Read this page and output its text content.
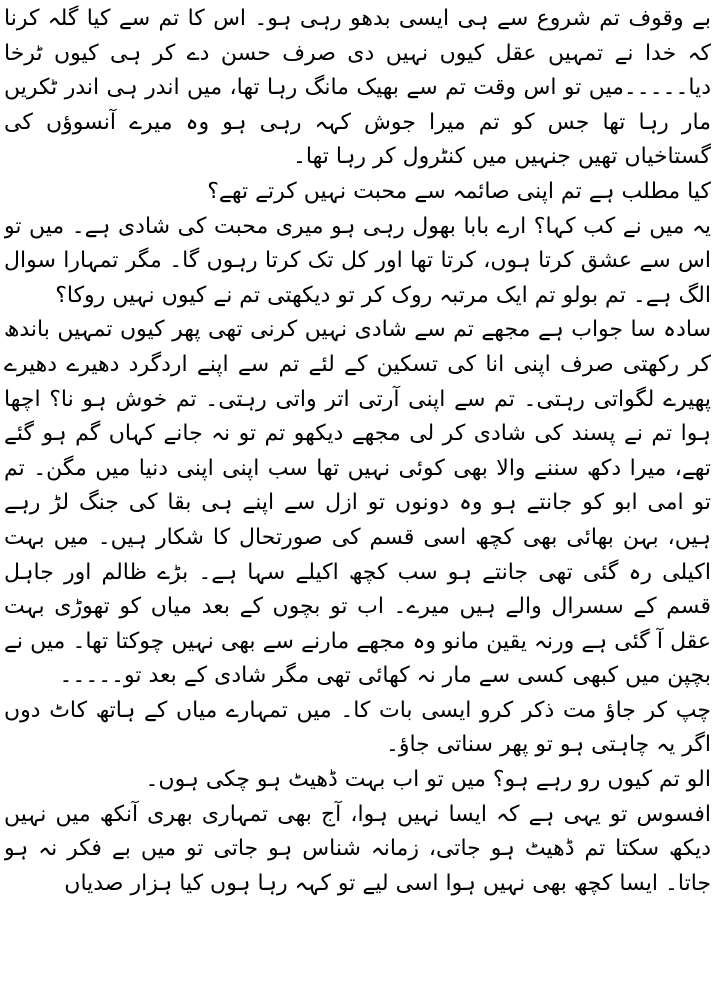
بے وقوف تم شروع سے ہی ایسی بدھو رہی ہو۔ اس کا تم سے کیا گلہ کرنا کہ خدا نے تمہیں عقل کیوں نہیں دی صرف حسن دے کر ہی کیوں ٹرخا دیا۔۔۔۔۔میں تو اس وقت تم سے بھیک مانگ رہا تھا، میں اندر ہی اندر ٹکریں مار رہا تھا جس کو تم میرا جوش کہہ رہی ہو وہ میرے آنسوؤں کی گستاخیاں تھیں جنہیں میں کنٹرول کر رہا تھا۔

کیا مطلب ہے تم اپنی صائمہ سے محبت نہیں کرتے تھے؟

یہ میں نے کب کہا؟ ارے بابا بھول رہی ہو میری محبت کی شادی ہے۔ میں تو اس سے عشق کرتا ہوں، کرتا تھا اور کل تک کرتا رہوں گا۔ مگر تمہارا سوال الگ ہے۔ تم بولو تم ایک مرتبہ روک کر تو دیکھتی تم نے کیوں نہیں روکا؟

سادہ سا جواب ہے مجھے تم سے شادی نہیں کرنی تھی پھر کیوں تمہیں باندھ کر رکھتی صرف اپنی انا کی تسکین کے لئے تم سے اپنے اردگرد دھیرے دھیرے پھیرے لگواتی رہتی۔ تم سے اپنی آرتی اتر واتی رہتی۔ تم خوش ہو نا؟ اچھا ہوا تم نے پسند کی شادی کر لی مجھے دیکھو تم تو نہ جانے کہاں گم ہو گئے تھے، میرا دکھ سننے والا بھی کوئی نہیں تھا سب اپنی اپنی دنیا میں مگن۔ تم تو امی ابو کو جانتے ہو وہ دونوں تو ازل سے اپنے ہی بقا کی جنگ لڑ رہے ہیں، بہن بھائی بھی کچھ اسی قسم کی صورتحال کا شکار ہیں۔ میں بہت اکیلی رہ گئی تھی جانتے ہو سب کچھ اکیلے سہا ہے۔ بڑے ظالم اور جاہل قسم کے سسرال والے ہیں میرے۔ اب تو بچوں کے بعد میاں کو تھوڑی بہت عقل آ گئی ہے ورنہ یقین مانو وہ مجھے مارنے سے بھی نہیں چوکتا تھا۔ میں نے بچپن میں کبھی کسی سے مار نہ کھائی تھی مگر شادی کے بعد تو۔۔۔۔۔

چپ کر جاؤ مت ذکر کرو ایسی بات کا۔ میں تمہارے میاں کے ہاتھ کاٹ دوں اگر یہ چاہتی ہو تو پھر سناتی جاؤ۔

الو تم کیوں رو رہے ہو؟ میں تو اب بہت ڈھیٹ ہو چکی ہوں۔

افسوس تو یہی ہے کہ ایسا نہیں ہوا، آج بھی تمہاری بھری آنکھ میں نہیں دیکھ سکتا تم ڈھیٹ ہو جاتی، زمانہ شناس ہو جاتی تو میں بے فکر نہ ہو جاتا۔ ایسا کچھ بھی نہیں ہوا اسی لیے تو کہہ رہا ہوں کیا ہزار صدیاں
